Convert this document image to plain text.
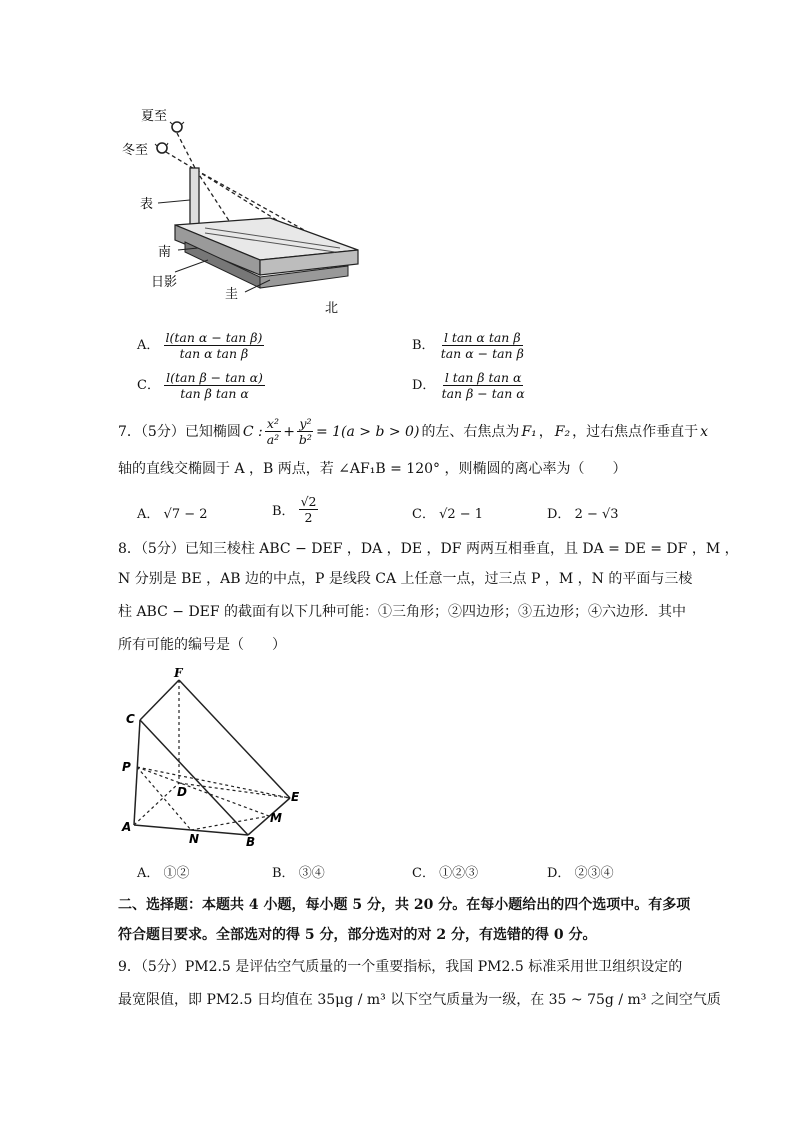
夏至
冬至
表
南
日影
圭
北
A． $\frac{\text{l(tan α − tan β)}}{\text{tan α tan β}}$	B． $\frac{\text{l tan α tan β}}{\text{tan α − tan β}}$
C． $\frac{\text{l(tan β − tan α)}}{\text{tan β tan α}}$	D． $\frac{\text{l tan β tan α}}{\text{tan β − tan α}}$
7．（5分）已知椭圆 C : $\frac{\text{x²}}{\text{a²}} + \frac{\text{y²}}{\text{b²}} = 1(a > b > 0)$ 的左、右焦点为 F₁ ， F₂ ，过右焦点作垂直于 x
轴的直线交椭圆于 A ，B 两点，若 ∠AF₁B = 120° ，则椭圆的离心率为（　　）
A． √7 − 2	B． $\frac{√2}{2}$	C． √2 − 1	D． 2 − √3
8．（5分）已知三棱柱 ABC − DEF ，DA ，DE ，DF 两两互相垂直，且 DA = DE = DF ，M ，
N 分别是 BE ，AB 边的中点，P 是线段 CA 上任意一点，过三点 P ，M ，N 的平面与三棱
柱 ABC − DEF 的截面有以下几种可能：①三角形；②四边形；③五边形；④六边形．其中
所有可能的编号是（　　）
F
C
P
D	E
M
A
N	B
A． ①②	B． ③④	C． ①②③	D． ②③④
二、选择题：本题共 4 小题，每小题 5 分，共 20 分。在每小题给出的四个选项中。有多项
符合题目要求。全部选对的得 5 分，部分选对的对 2 分，有选错的得 0 分。
9．（5分）PM2.5 是评估空气质量的一个重要指标，我国 PM2.5 标准采用世卫组织设定的
最宽限值，即 PM2.5 日均值在 35μg / m³ 以下空气质量为一级，在 35 ~ 75g / m³ 之间空气质
